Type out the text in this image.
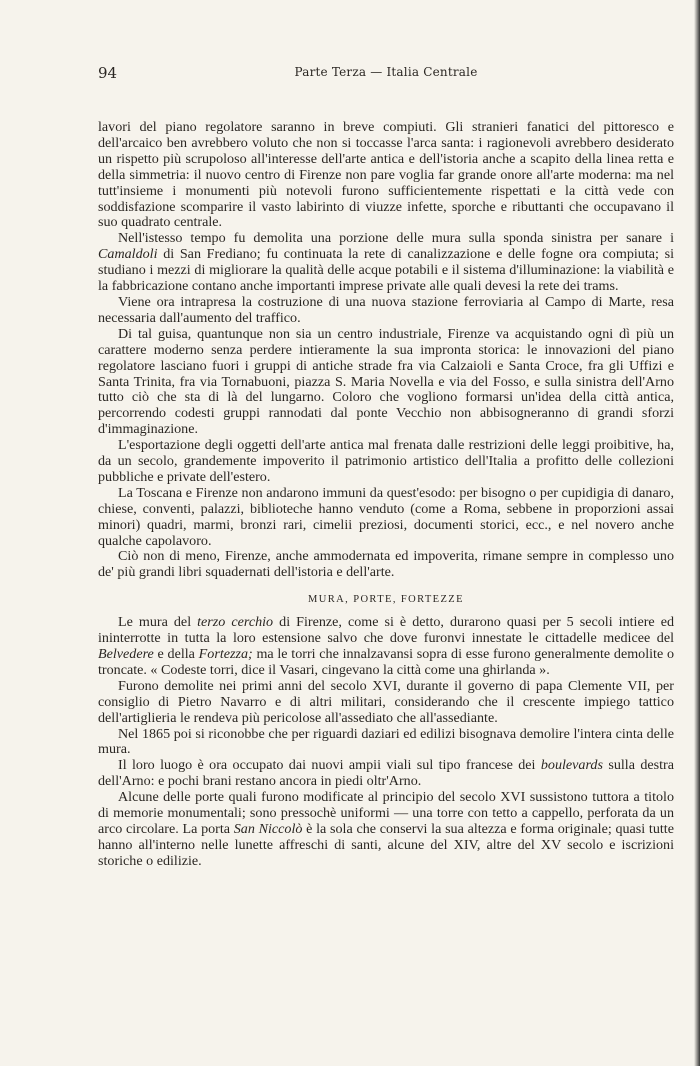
94	Parte Terza — Italia Centrale

lavori del piano regolatore saranno in breve compiuti. Gli stranieri fanatici del pittoresco e dell'arcaico ben avrebbero voluto che non si toccasse l'arca santa: i ragionevoli avrebbero desiderato un rispetto più scrupoloso all'interesse dell'arte antica e dell'istoria anche a scapito della linea retta e della simmetria: il nuovo centro di Firenze non pare voglia far grande onore all'arte moderna: ma nel tutt'insieme i monumenti più notevoli furono sufficientemente rispettati e la città vede con soddisfazione scomparire il vasto labirinto di viuzze infette, sporche e ributtanti che occupavano il suo quadrato centrale.

Nell'istesso tempo fu demolita una porzione delle mura sulla sponda sinistra per sanare i Camaldoli di San Frediano; fu continuata la rete di canalizzazione e delle fogne ora compiuta; si studiano i mezzi di migliorare la qualità delle acque potabili e il sistema d'illuminazione: la viabilità e la fabbricazione contano anche importanti imprese private alle quali devesi la rete dei trams.

Viene ora intrapresa la costruzione di una nuova stazione ferroviaria al Campo di Marte, resa necessaria dall'aumento del traffico.

Di tal guisa, quantunque non sia un centro industriale, Firenze va acquistando ogni dì più un carattere moderno senza perdere intieramente la sua impronta storica: le innovazioni del piano regolatore lasciano fuori i gruppi di antiche strade fra via Calzaioli e Santa Croce, fra gli Uffizi e Santa Trinita, fra via Tornabuoni, piazza S. Maria Novella e via del Fosso, e sulla sinistra dell'Arno tutto ciò che sta di là del lungarno. Coloro che vogliono formarsi un'idea della città antica, percorrendo codesti gruppi rannodati dal ponte Vecchio non abbisogneranno di grandi sforzi d'immaginazione.

L'esportazione degli oggetti dell'arte antica mal frenata dalle restrizioni delle leggi proibitive, ha, da un secolo, grandemente impoverito il patrimonio artistico dell'Italia a profitto delle collezioni pubbliche e private dell'estero.

La Toscana e Firenze non andarono immuni da quest'esodo: per bisogno o per cupidigia di danaro, chiese, conventi, palazzi, biblioteche hanno venduto (come a Roma, sebbene in proporzioni assai minori) quadri, marmi, bronzi rari, cimelii preziosi, documenti storici, ecc., e nel novero anche qualche capolavoro.

Ciò non di meno, Firenze, anche ammodernata ed impoverita, rimane sempre in complesso uno de' più grandi libri squadernati dell'istoria e dell'arte.

MURA, PORTE, FORTEZZE

Le mura del terzo cerchio di Firenze, come si è detto, durarono quasi per 5 secoli intiere ed ininterrotte in tutta la loro estensione salvo che dove furonvi innestate le cittadelle medicee del Belvedere e della Fortezza; ma le torri che innalzavansi sopra di esse furono generalmente demolite o troncate. « Codeste torri, dice il Vasari, cingevano la città come una ghirlanda ».

Furono demolite nei primi anni del secolo XVI, durante il governo di papa Clemente VII, per consiglio di Pietro Navarro e di altri militari, considerando che il crescente impiego tattico dell'artiglieria le rendeva più pericolose all'assediato che all'assediante.

Nel 1865 poi si riconobbe che per riguardi daziari ed edilizi bisognava demolire l'intera cinta delle mura.

Il loro luogo è ora occupato dai nuovi ampii viali sul tipo francese dei boulevards sulla destra dell'Arno: e pochi brani restano ancora in piedi oltr'Arno.

Alcune delle porte quali furono modificate al principio del secolo XVI sussistono tuttora a titolo di memorie monumentali; sono pressochè uniformi — una torre con tetto a cappello, perforata da un arco circolare. La porta San Niccolò è la sola che conservi la sua altezza e forma originale; quasi tutte hanno all'interno nelle lunette affreschi di santi, alcune del XIV, altre del XV secolo e iscrizioni storiche o edilizie.
